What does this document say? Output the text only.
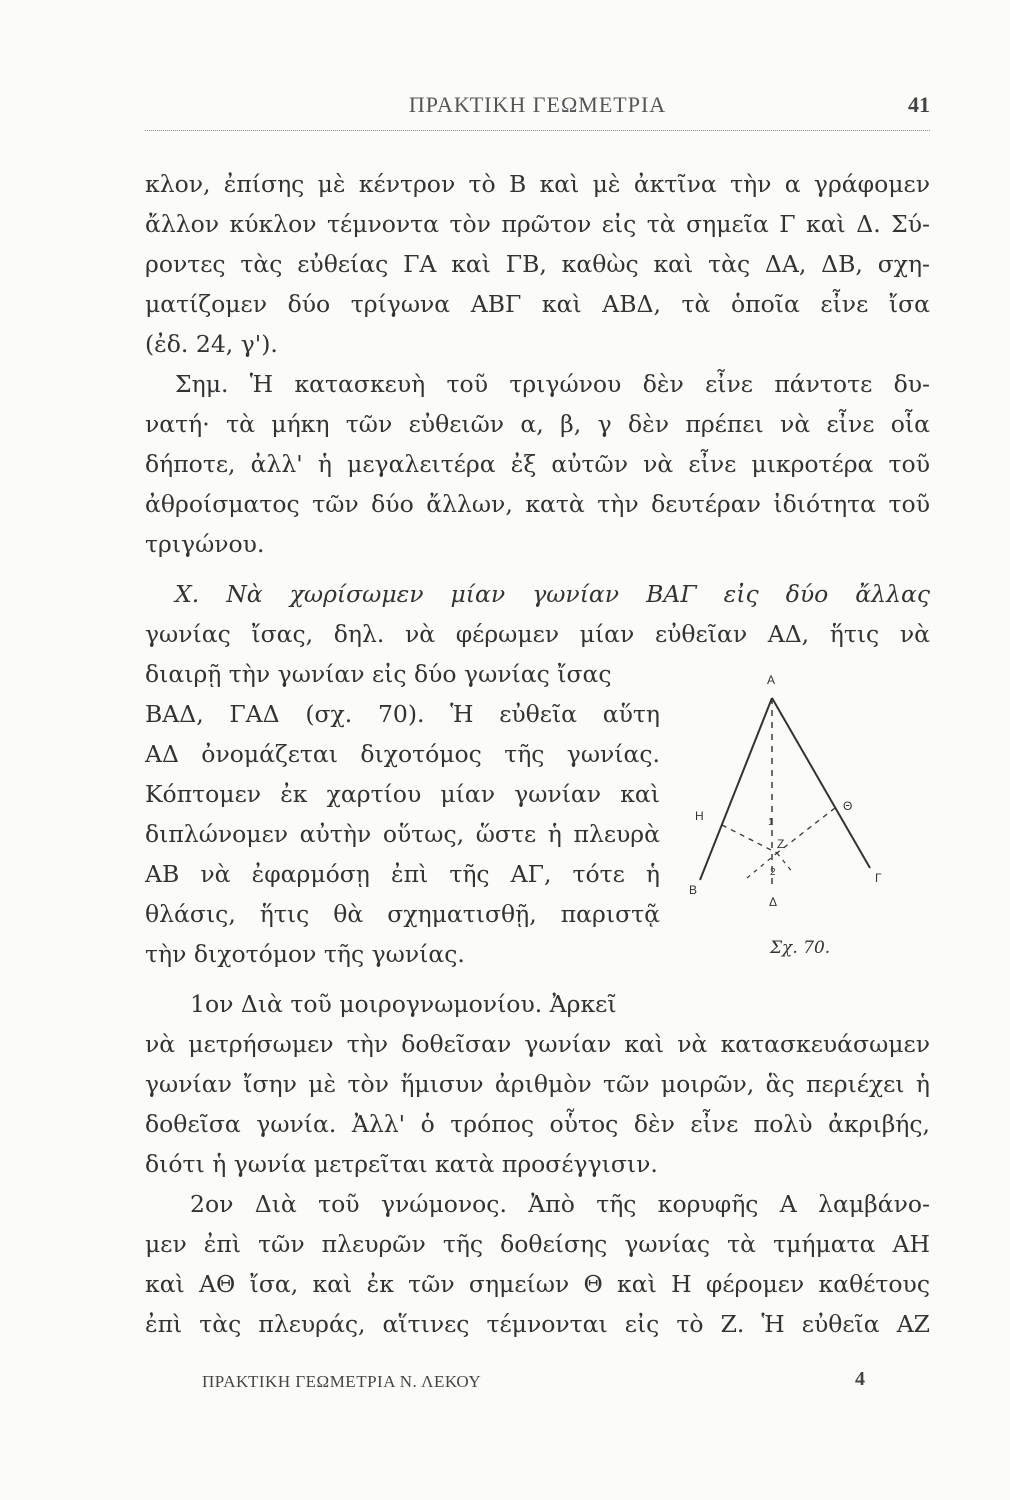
ΠΡΑΚΤΙΚΗ ΓΕΩΜΕΤΡΙΑ	41
κλον, ἐπίσης μὲ κέντρον τὸ Β καὶ μὲ ἀκτῖνα τὴν α γράφομεν
ἄλλον κύκλον τέμνοντα τὸν πρῶτον εἰς τὰ σημεῖα Γ καὶ Δ. Σύ-
ροντες τὰς εὐθείας ΓΑ καὶ ΓΒ, καθὼς καὶ τὰς ΔΑ, ΔΒ, σχη-
ματίζομεν δύο τρίγωνα ΑΒΓ καὶ ΑΒΔ, τὰ ὁποῖα εἶνε ἴσα
(ἐδ. 24, γ').
Σημ. Ἡ κατασκευὴ τοῦ τριγώνου δὲν εἶνε πάντοτε δυ-
νατή· τὰ μήκη τῶν εὐθειῶν α, β, γ δὲν πρέπει νὰ εἶνε οἷα
δήποτε, ἀλλ' ἡ μεγαλειτέρα ἐξ αὐτῶν νὰ εἶνε μικροτέρα τοῦ
ἀθροίσματος τῶν δύο ἄλλων, κατὰ τὴν δευτέραν ἰδιότητα τοῦ
τριγώνου.
Χ. Νὰ χωρίσωμεν μίαν γωνίαν ΒΑΓ εἰς δύο ἄλλας
γωνίας ἴσας, δηλ. νὰ φέρωμεν μίαν εὐθεῖαν ΑΔ, ἥτις νὰ
διαιρῇ τὴν γωνίαν εἰς δύο γωνίας ἴσας
ΒΑΔ, ΓΑΔ (σχ. 70). Ἡ εὐθεῖα αὕτη
ΑΔ ὀνομάζεται διχοτόμος τῆς γωνίας.
Κόπτομεν ἐκ χαρτίου μίαν γωνίαν καὶ
διπλώνομεν αὐτὴν οὕτως, ὥστε ἡ πλευρὰ
ΑΒ νὰ ἐφαρμόσῃ ἐπὶ τῆς ΑΓ, τότε ἡ
θλάσις, ἥτις θὰ σχηματισθῇ, παριστᾷ
τὴν διχοτόμον τῆς γωνίας.
1ον Διὰ τοῦ μοιρογνωμονίου. Ἀρκεῖ
νὰ μετρήσωμεν τὴν δοθεῖσαν γωνίαν καὶ νὰ κατασκευάσωμεν
γωνίαν ἴσην μὲ τὸν ἥμισυν ἀριθμὸν τῶν μοιρῶν, ἃς περιέχει ἡ
δοθεῖσα γωνία. Ἀλλ' ὁ τρόπος οὗτος δὲν εἶνε πολὺ ἀκριβής,
διότι ἡ γωνία μετρεῖται κατὰ προσέγγισιν.
2ον Διὰ τοῦ γνώμονος. Ἀπὸ τῆς κορυφῆς Α λαμβάνο-
μεν ἐπὶ τῶν πλευρῶν τῆς δοθείσης γωνίας τὰ τμήματα ΑΗ
καὶ ΑΘ ἴσα, καὶ ἐκ τῶν σημείων Θ καὶ Η φέρομεν καθέτους
ἐπὶ τὰς πλευράς, αἵτινες τέμνονται εἰς τὸ Ζ. Ἡ εὐθεῖα ΑΖ
A
B
Γ
Δ
Η
Θ
Z
1
2
Σχ. 70.
ΠΡΑΚΤΙΚΗ ΓΕΩΜΕΤΡΙΑ Ν. ΛΕΚΟΥ	4
